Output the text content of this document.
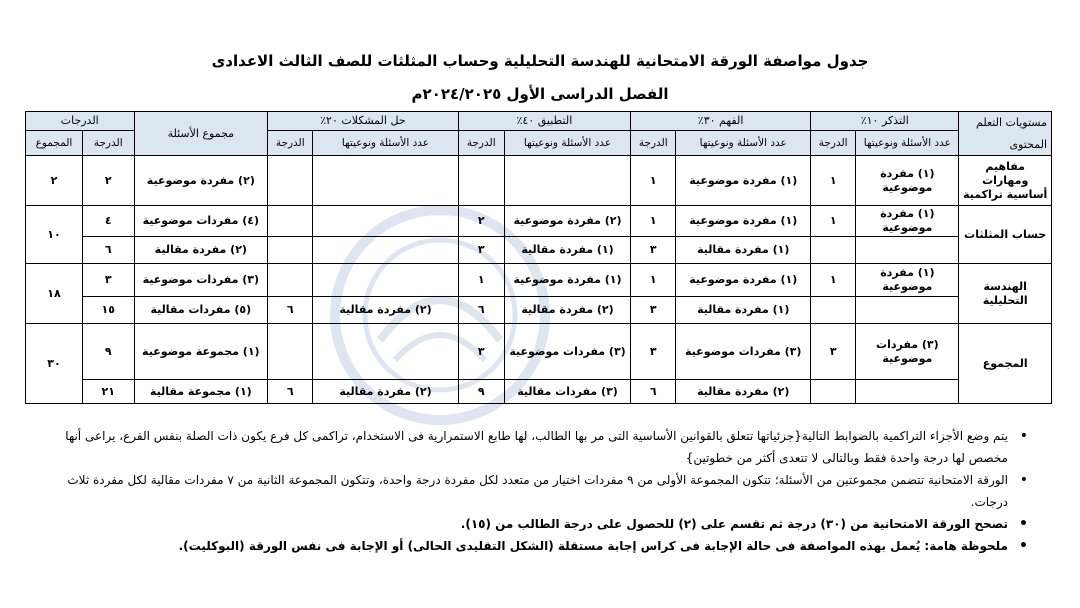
جدول مواصفة الورقة الامتحانية للهندسة التحليلية وحساب المثلثات للصف الثالث الاعدادى
الفصل الدراسى الأول ٢٠٢٤/٢٠٢٥م
مستويات التعلم
المحتوى	التذكر ١٠٪		الفهم ٣٠٪		التطبيق ٤٠٪		حل المشكلات ٢٠٪		مجموع الأسئلة	الدرجات	
	عدد الأسئلة ونوعيتها	الدرجة	عدد الأسئلة ونوعيتها	الدرجة	عدد الأسئلة ونوعيتها	الدرجة	عدد الأسئلة ونوعيتها	الدرجة		الدرجة	المجموع
مفاهيم ومهارات أساسية تراكمية	(١) مفردة موضوعية	١	(١) مفردة موضوعية	١					(٢) مفردة موضوعية	٢	٢
حساب المثلثات	(١) مفردة موضوعية	١	(١) مفردة موضوعية	١	(٢) مفردة موضوعية	٢			(٤) مفردات موضوعية	٤	١٠
			(١) مفردة مقالية	٣	(١) مفردة مقالية	٣			(٢) مفردة مقالية	٦	
الهندسة التحليلية	(١) مفردة موضوعية	١	(١) مفردة موضوعية	١	(١) مفردة موضوعية	١			(٣) مفردات موضوعية	٣	١٨
			(١) مفردة مقالية	٣	(٢) مفردة مقالية	٦	(٢) مفردة مقالية	٦	(٥) مفردات مقالية	١٥	
المجموع	(٣) مفردات موضوعية	٣	(٣) مفردات موضوعية	٣	(٣) مفردات موضوعية	٣			(١) مجموعة موضوعية	٩	٣٠
			(٢) مفردة مقالية	٦	(٣) مفردات مقالية	٩	(٢) مفردة مقالية	٦	(١) مجموعة مقالية	٢١	
•
يتم وضع الأجزاء التراكمية بالضوابط التالية{جزئياتها تتعلق بالقوانين الأساسية التى مر بها الطالب، لها طابع الاستمرارية فى الاستخدام، تراكمى كل فرع يكون ذات الصلة بنفس الفرع، يراعى أنها مخصص لها درجة واحدة فقط وبالتالى لا تتعدى أكثر من خطوتين}
•
الورقة الامتحانية تتضمن مجموعتين من الأسئلة؛ تتكون المجموعة الأولى من ٩ مفردات اختيار من متعدد لكل مفردة درجة واحدة، وتتكون المجموعة الثانية من ٧ مفردات مقالية لكل مفردة ثلاث درجات.
•
تصحح الورقة الامتحانية من (٣٠) درجة ثم تقسم على (٢) للحصول على درجة الطالب من (١٥).
•
ملحوظة هامة: يُعمل بهذه المواصفة فى حالة الإجابة فى كراس إجابة مستقلة (الشكل التقليدى الحالى) أو الإجابة فى نفس الورقة (البوكليت).
